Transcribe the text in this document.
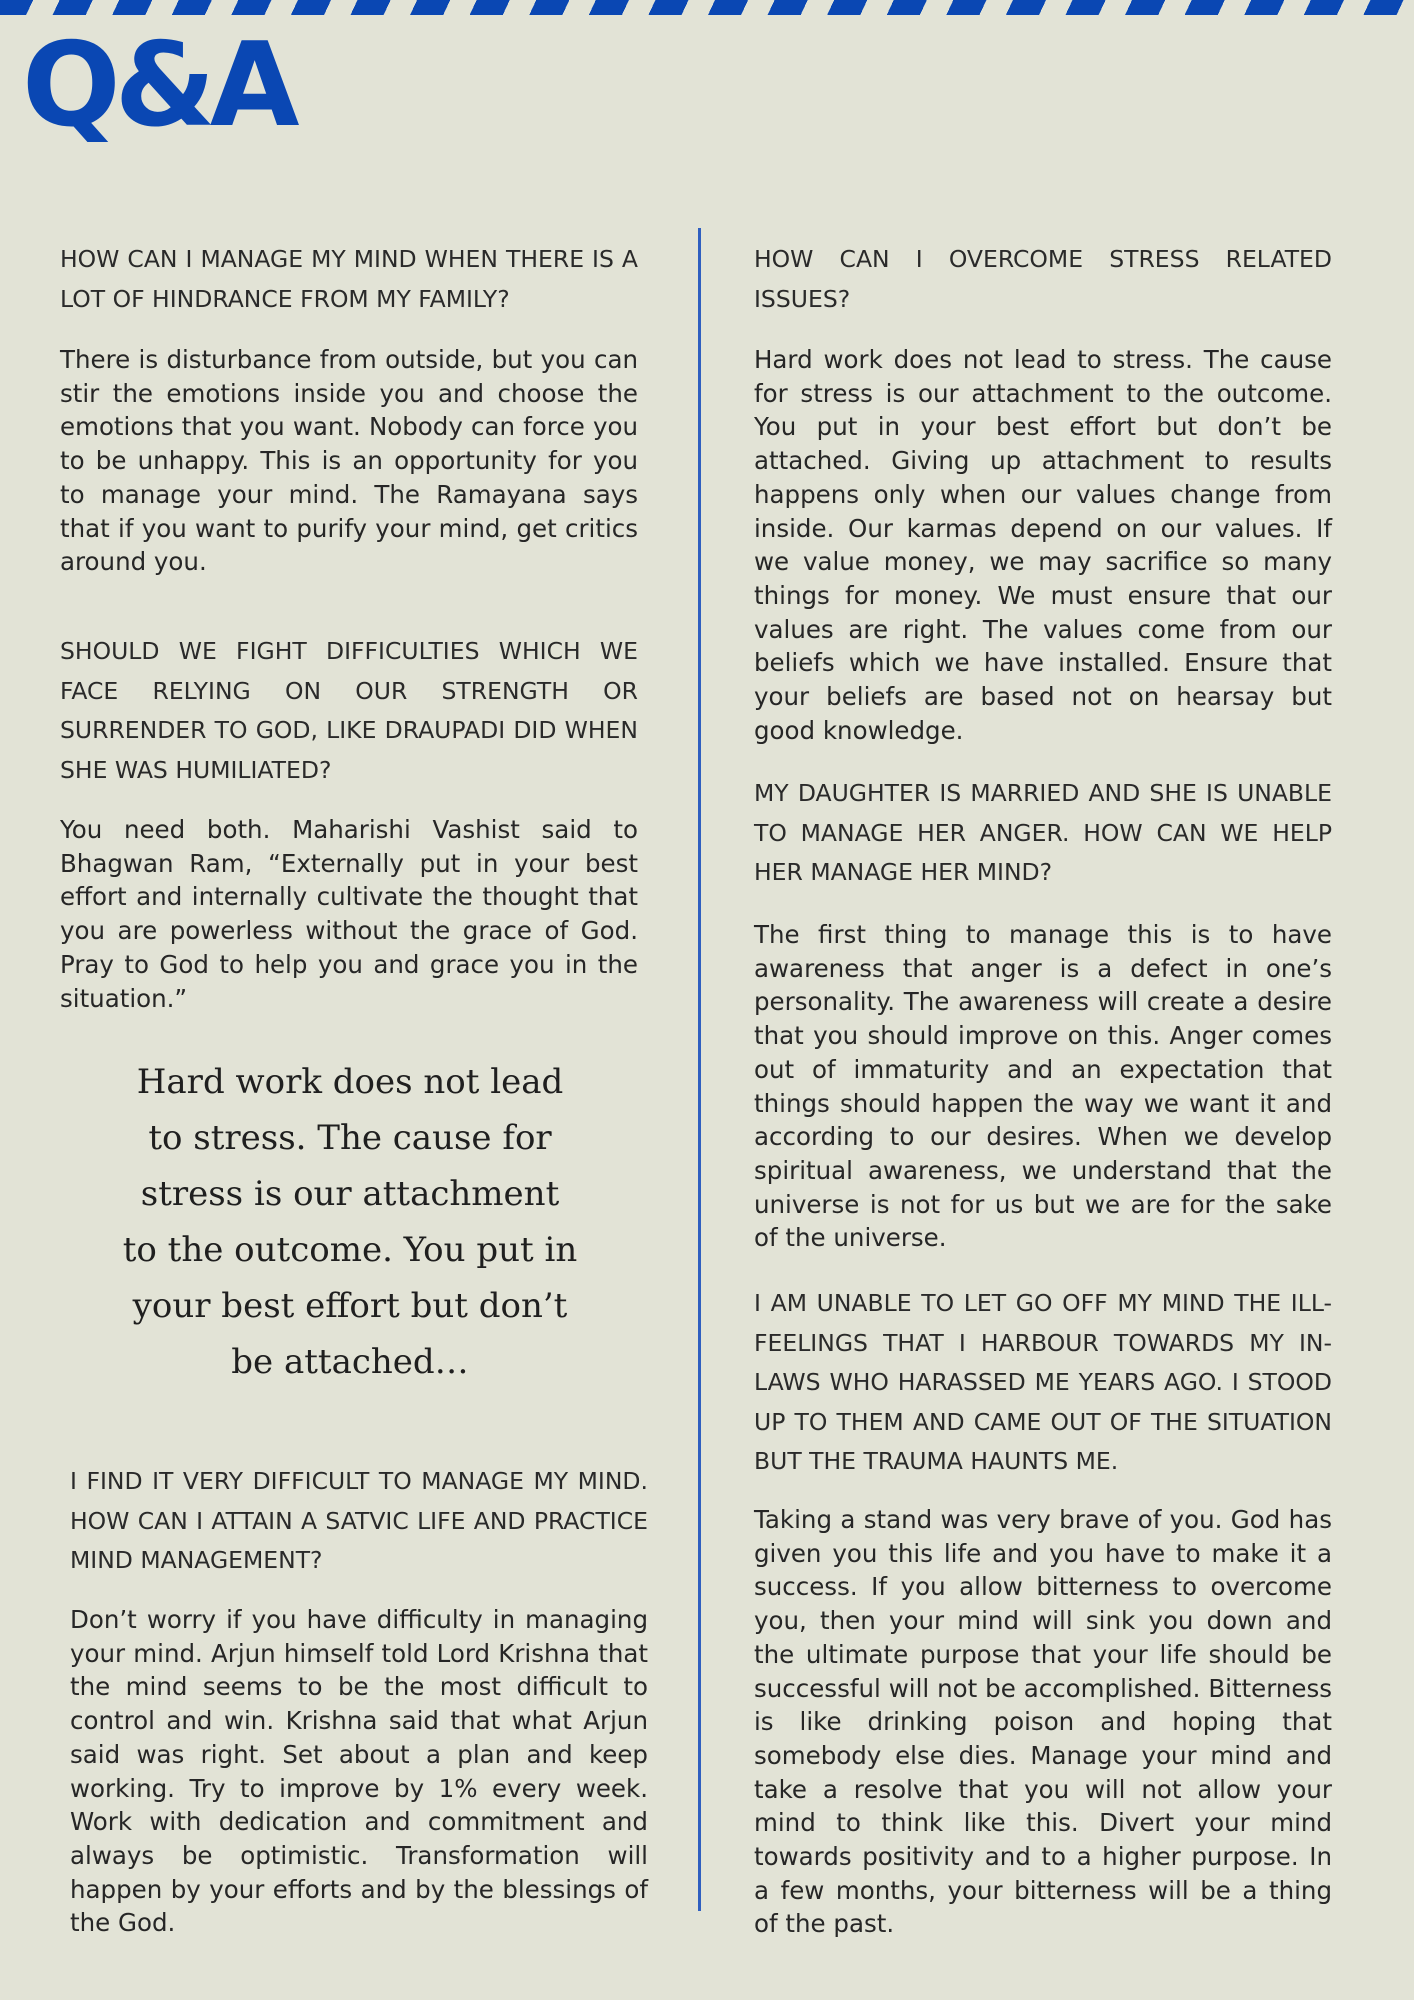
Q&A

HOW CAN I MANAGE MY MIND WHEN THERE IS A LOT OF HINDRANCE FROM MY FAMILY?

There is disturbance from outside, but you can stir the emotions inside you and choose the emotions that you want. Nobody can force you to be unhappy. This is an opportunity for you to manage your mind. The Ramayana says that if you want to purify your mind, get critics around you.

SHOULD WE FIGHT DIFFICULTIES WHICH WE FACE RELYING ON OUR STRENGTH OR SURRENDER TO GOD, LIKE DRAUPADI DID WHEN SHE WAS HUMILIATED?

You need both. Maharishi Vashist said to Bhagwan Ram, “Externally put in your best effort and internally cultivate the thought that you are powerless without the grace of God. Pray to God to help you and grace you in the situation.”

Hard work does not lead to stress. The cause for stress is our attachment to the outcome. You put in your best effort but don’t be attached…

I FIND IT VERY DIFFICULT TO MANAGE MY MIND. HOW CAN I ATTAIN A SATVIC LIFE AND PRACTICE MIND MANAGEMENT?

Don’t worry if you have difficulty in managing your mind. Arjun himself told Lord Krishna that the mind seems to be the most difficult to control and win. Krishna said that what Arjun said was right. Set about a plan and keep working. Try to improve by 1% every week. Work with dedication and commitment and always be optimistic. Transformation will happen by your efforts and by the blessings of the God.

HOW CAN I OVERCOME STRESS RELATED ISSUES?

Hard work does not lead to stress. The cause for stress is our attachment to the outcome. You put in your best effort but don’t be attached. Giving up attachment to results happens only when our values change from inside. Our karmas depend on our values. If we value money, we may sacrifice so many things for money. We must ensure that our values are right. The values come from our beliefs which we have installed. Ensure that your beliefs are based not on hearsay but good knowledge.

MY DAUGHTER IS MARRIED AND SHE IS UNABLE TO MANAGE HER ANGER. HOW CAN WE HELP HER MANAGE HER MIND?

The first thing to manage this is to have awareness that anger is a defect in one’s personality. The awareness will create a desire that you should improve on this. Anger comes out of immaturity and an expectation that things should happen the way we want it and according to our desires. When we develop spiritual awareness, we understand that the universe is not for us but we are for the sake of the universe.

I AM UNABLE TO LET GO OFF MY MIND THE ILL-FEELINGS THAT I HARBOUR TOWARDS MY IN-LAWS WHO HARASSED ME YEARS AGO. I STOOD UP TO THEM AND CAME OUT OF THE SITUATION BUT THE TRAUMA HAUNTS ME.

Taking a stand was very brave of you. God has given you this life and you have to make it a success. If you allow bitterness to overcome you, then your mind will sink you down and the ultimate purpose that your life should be successful will not be accomplished. Bitterness is like drinking poison and hoping that somebody else dies. Manage your mind and take a resolve that you will not allow your mind to think like this. Divert your mind towards positivity and to a higher purpose. In a few months, your bitterness will be a thing of the past.
